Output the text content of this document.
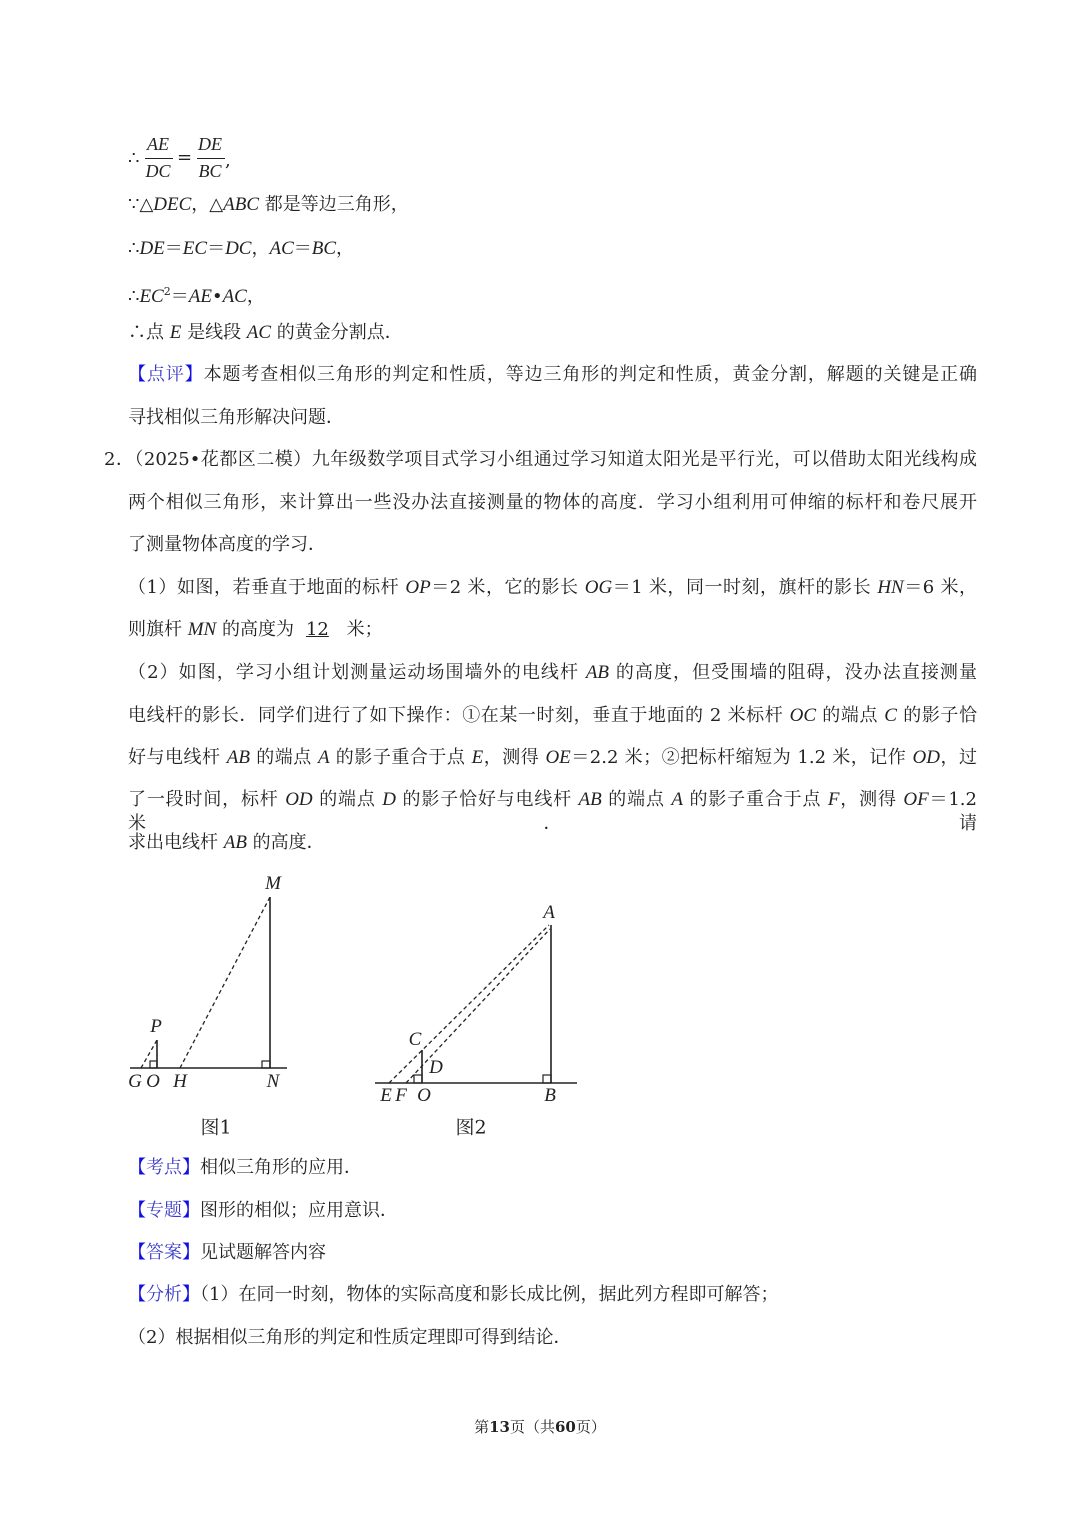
∴
AE
DC
=
DE
BC ,
∵△DEC，△ABC 都是等边三角形，
∴DE＝EC＝DC，AC＝BC，
$\therefore EC^2=AE•AC$，
∴点 E 是线段 AC 的黄金分割点．
【点评】本题考查相似三角形的判定和性质，等边三角形的判定和性质，黄金分割，解题的关键是正确
寻找相似三角形解决问题．
2．（2025•花都区二模）九年级数学项目式学习小组通过学习知道太阳光是平行光，可以借助太阳光线构成
两个相似三角形，来计算出一些没办法直接测量的物体的高度．学习小组利用可伸缩的标杆和卷尺展开
了测量物体高度的学习．
（1）如图，若垂直于地面的标杆 OP＝2 米，它的影长 OG＝1 米，同一时刻，旗杆的影长 HN＝6 米，
则旗杆 MN 的高度为 12 米；
（2）如图，学习小组计划测量运动场围墙外的电线杆 AB 的高度，但受围墙的阻碍，没办法直接测量
电线杆的影长．同学们进行了如下操作：①在某一时刻，垂直于地面的 2 米标杆 OC 的端点 C 的影子恰
好与电线杆 AB 的端点 A 的影子重合于点 E，测得 OE＝2.2 米；②把标杆缩短为 1.2 米，记作 OD，过
了一段时间，标杆 OD 的端点 D 的影子恰好与电线杆 AB 的端点 A 的影子重合于点 F，测得 OF＝1.2 米．请
求出电线杆 AB 的高度．
【考点】相似三角形的应用．
【专题】图形的相似；应用意识．
【答案】见试题解答内容
【分析】（1）在同一时刻，物体的实际高度和影长成比例，据此列方程即可解答；
（2）根据相似三角形的判定和性质定理即可得到结论．
M
P
G O H	N
图1
A
C
D
E F O	B
图2
第13页（共60页）
